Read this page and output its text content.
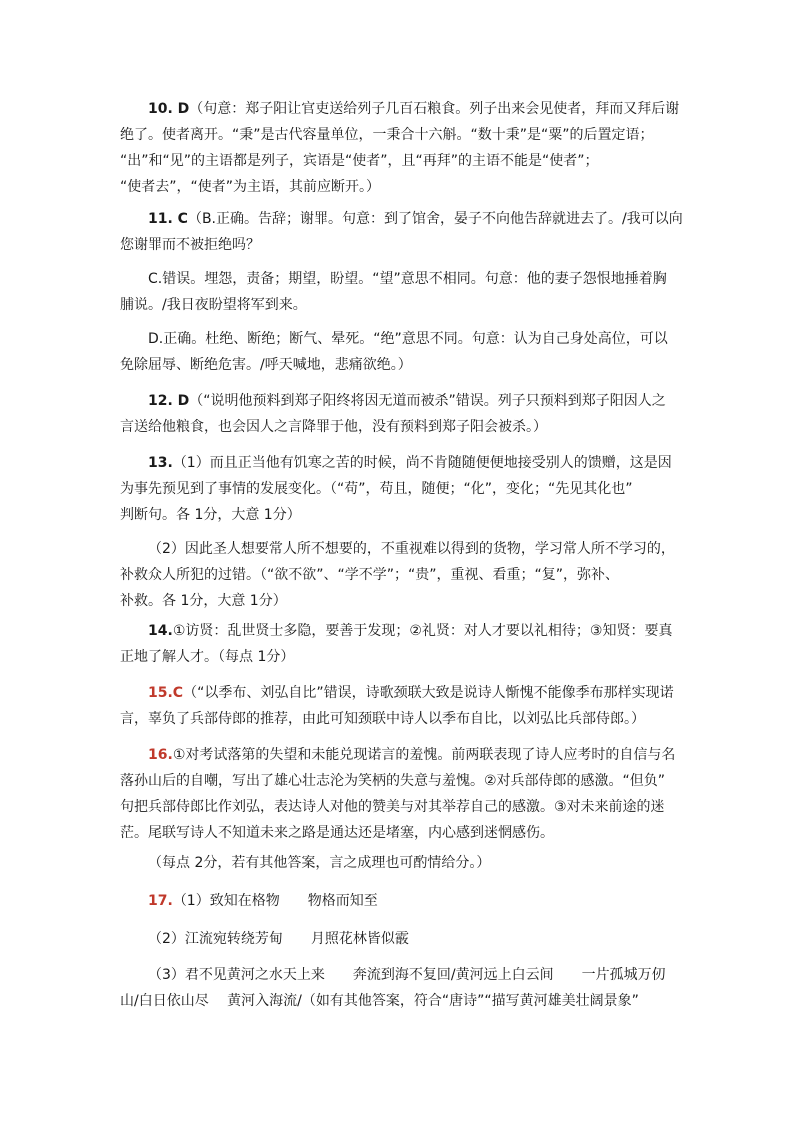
10. D（句意：郑子阳让官吏送给列子几百石粮食。列子出来会见使者，拜而又拜后谢
绝了。使者离开。“秉”是古代容量单位，一秉合十六斛。“数十秉”是“粟”的后置定语；
“出”和“见”的主语都是列子，宾语是“使者”，且“再拜”的主语不能是“使者”；
“使者去”，“使者”为主语，其前应断开。）
11. C（B.正确。告辞；谢罪。句意：到了馆舍，晏子不向他告辞就进去了。/我可以向
您谢罪而不被拒绝吗？
C.错误。埋怨，责备；期望，盼望。“望”意思不相同。句意：他的妻子怨恨地捶着胸
脯说。/我日夜盼望将军到来。
D.正确。杜绝、断绝；断气、晕死。“绝”意思不同。句意：认为自己身处高位，可以
免除屈辱、断绝危害。/呼天喊地，悲痛欲绝。）
12. D（“说明他预料到郑子阳终将因无道而被杀”错误。列子只预料到郑子阳因人之
言送给他粮食，也会因人之言降罪于他，没有预料到郑子阳会被杀。）
13.（1）而且正当他有饥寒之苦的时候，尚不肯随随便便地接受别人的馈赠，这是因
为事先预见到了事情的发展变化。（“苟”，苟且，随便；“化”，变化；“先见其化也”
判断句。各 1分，大意 1分）
（2）因此圣人想要常人所不想要的，不重视难以得到的货物，学习常人所不学习的，
补救众人所犯的过错。（“欲不欲”、“学不学”；“贵”，重视、看重；“复”，弥补、
补救。各 1分，大意 1分）
14.①访贤：乱世贤士多隐，要善于发现；②礼贤：对人才要以礼相待；③知贤：要真
正地了解人才。（每点 1分）
15.C（“以季布、刘弘自比”错误，诗歌颈联大致是说诗人惭愧不能像季布那样实现诺
言，辜负了兵部侍郎的推荐，由此可知颈联中诗人以季布自比，以刘弘比兵部侍郎。）
16.①对考试落第的失望和未能兑现诺言的羞愧。前两联表现了诗人应考时的自信与名
落孙山后的自嘲，写出了雄心壮志沦为笑柄的失意与羞愧。②对兵部侍郎的感激。“但负”
句把兵部侍郎比作刘弘，表达诗人对他的赞美与对其举荐自己的感激。③对未来前途的迷
茫。尾联写诗人不知道未来之路是通达还是堵塞，内心感到迷惘感伤。
（每点 2分，若有其他答案，言之成理也可酌情给分。）
17.（1）致知在格物　　物格而知至
（2）江流宛转绕芳甸　　月照花林皆似霰
（3）君不见黄河之水天上来　　奔流到海不复回/黄河远上白云间　　一片孤城万仞
山/白日依山尽　 黄河入海流/（如有其他答案，符合“唐诗”“描写黄河雄美壮阔景象”
